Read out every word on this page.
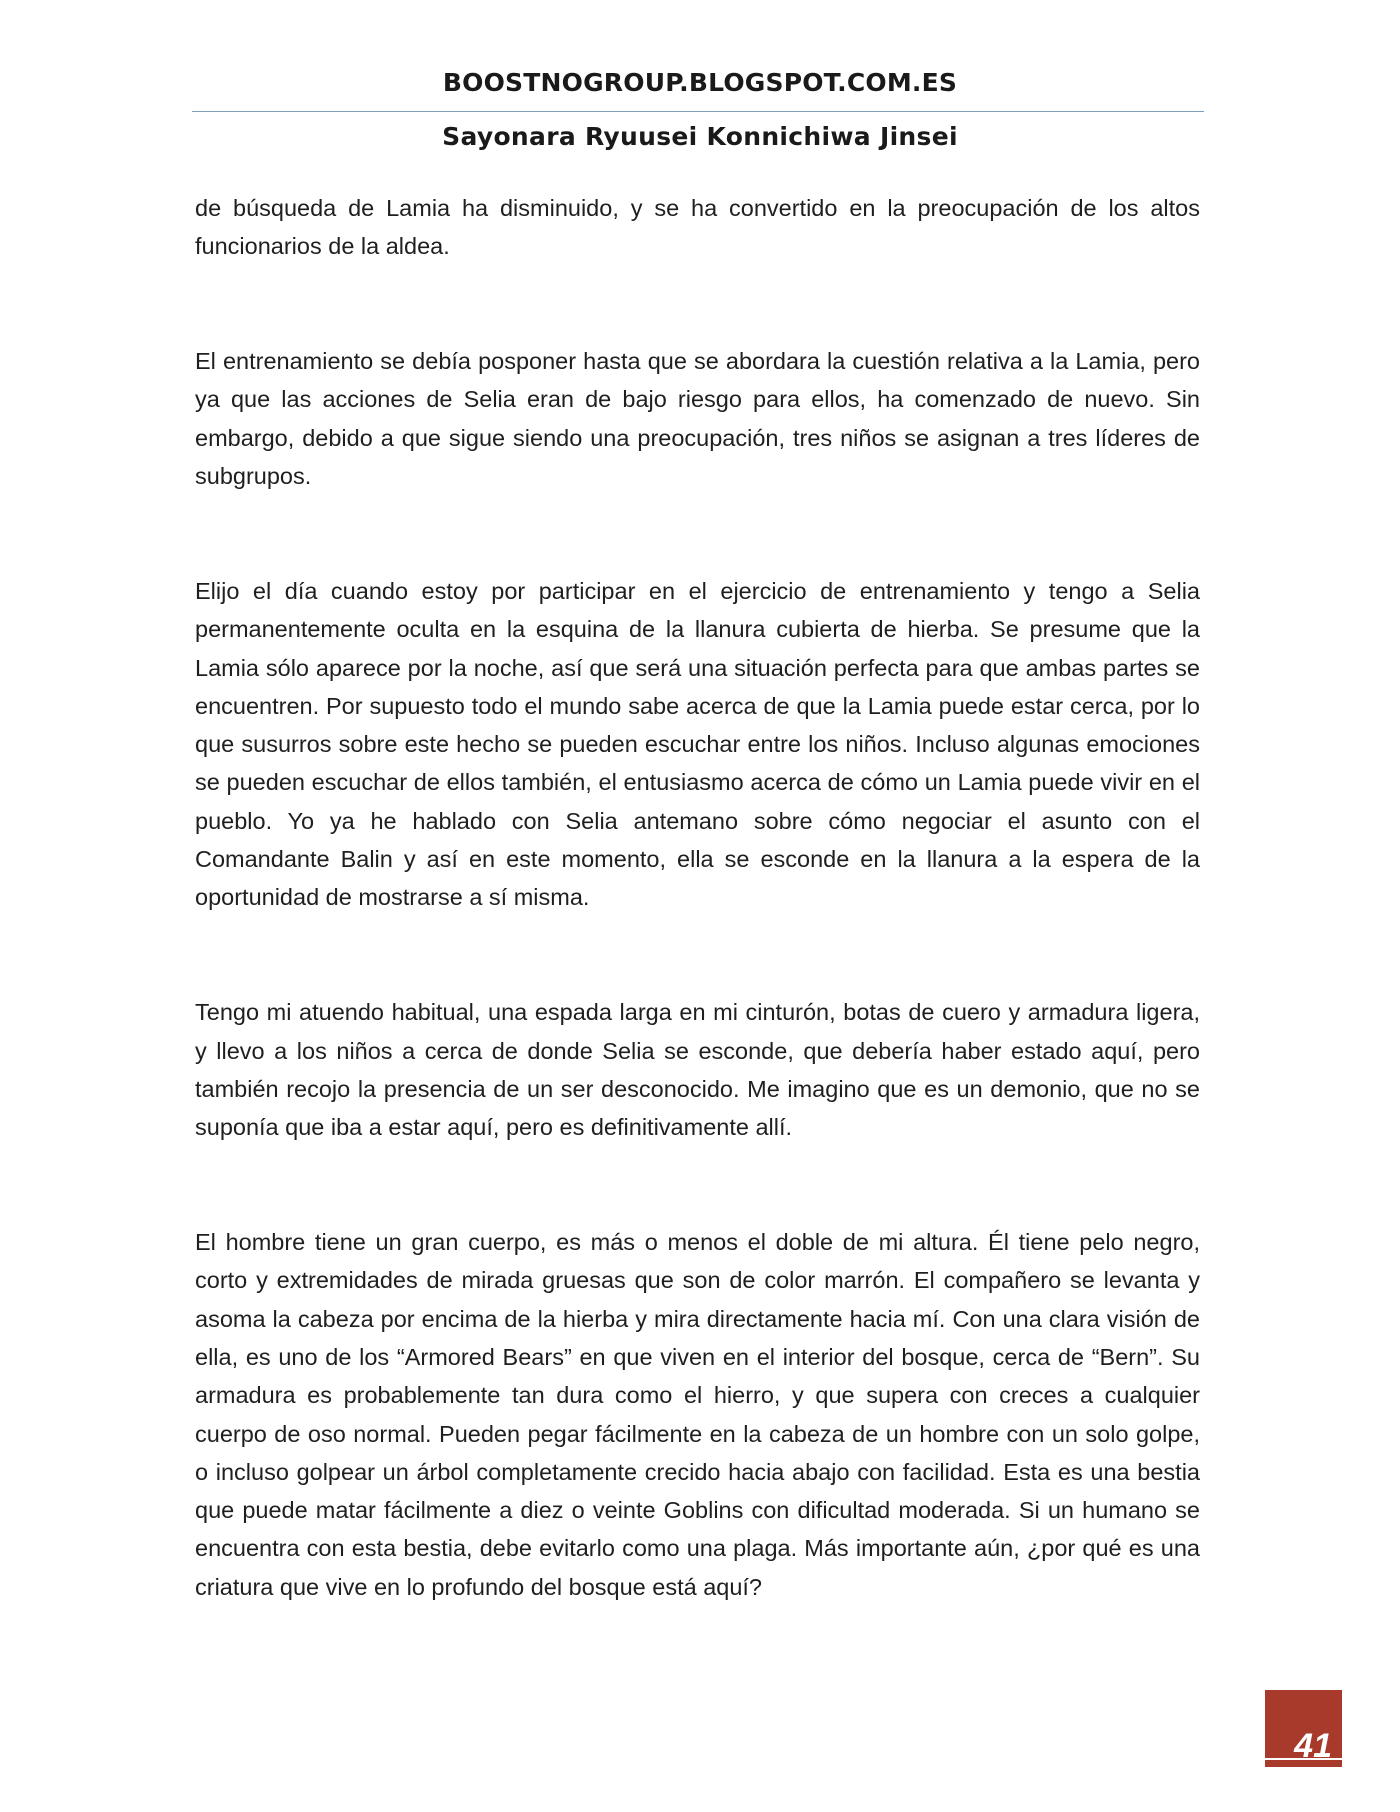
BOOSTNOGROUP.BLOGSPOT.COM.ES
Sayonara Ryuusei Konnichiwa Jinsei

de búsqueda de Lamia ha disminuido, y se ha convertido en la preocupación de los altos funcionarios de la aldea.

El entrenamiento se debía posponer hasta que se abordara la cuestión relativa a la Lamia, pero ya que las acciones de Selia eran de bajo riesgo para ellos, ha comenzado de nuevo. Sin embargo, debido a que sigue siendo una preocupación, tres niños se asignan a tres líderes de subgrupos.

Elijo el día cuando estoy por participar en el ejercicio de entrenamiento y tengo a Selia permanentemente oculta en la esquina de la llanura cubierta de hierba. Se presume que la Lamia sólo aparece por la noche, así que será una situación perfecta para que ambas partes se encuentren. Por supuesto todo el mundo sabe acerca de que la Lamia puede estar cerca, por lo que susurros sobre este hecho se pueden escuchar entre los niños. Incluso algunas emociones se pueden escuchar de ellos también, el entusiasmo acerca de cómo un Lamia puede vivir en el pueblo. Yo ya he hablado con Selia antemano sobre cómo negociar el asunto con el Comandante Balin y así en este momento, ella se esconde en la llanura a la espera de la oportunidad de mostrarse a sí misma.

Tengo mi atuendo habitual, una espada larga en mi cinturón, botas de cuero y armadura ligera, y llevo a los niños a cerca de donde Selia se esconde, que debería haber estado aquí, pero también recojo la presencia de un ser desconocido. Me imagino que es un demonio, que no se suponía que iba a estar aquí, pero es definitivamente allí.

El hombre tiene un gran cuerpo, es más o menos el doble de mi altura. Él tiene pelo negro, corto y extremidades de mirada gruesas que son de color marrón. El compañero se levanta y asoma la cabeza por encima de la hierba y mira directamente hacia mí. Con una clara visión de ella, es uno de los “Armored Bears” en que viven en el interior del bosque, cerca de “Bern”. Su armadura es probablemente tan dura como el hierro, y que supera con creces a cualquier cuerpo de oso normal. Pueden pegar fácilmente en la cabeza de un hombre con un solo golpe, o incluso golpear un árbol completamente crecido hacia abajo con facilidad. Esta es una bestia que puede matar fácilmente a diez o veinte Goblins con dificultad moderada. Si un humano se encuentra con esta bestia, debe evitarlo como una plaga. Más importante aún, ¿por qué es una criatura que vive en lo profundo del bosque está aquí?

41
